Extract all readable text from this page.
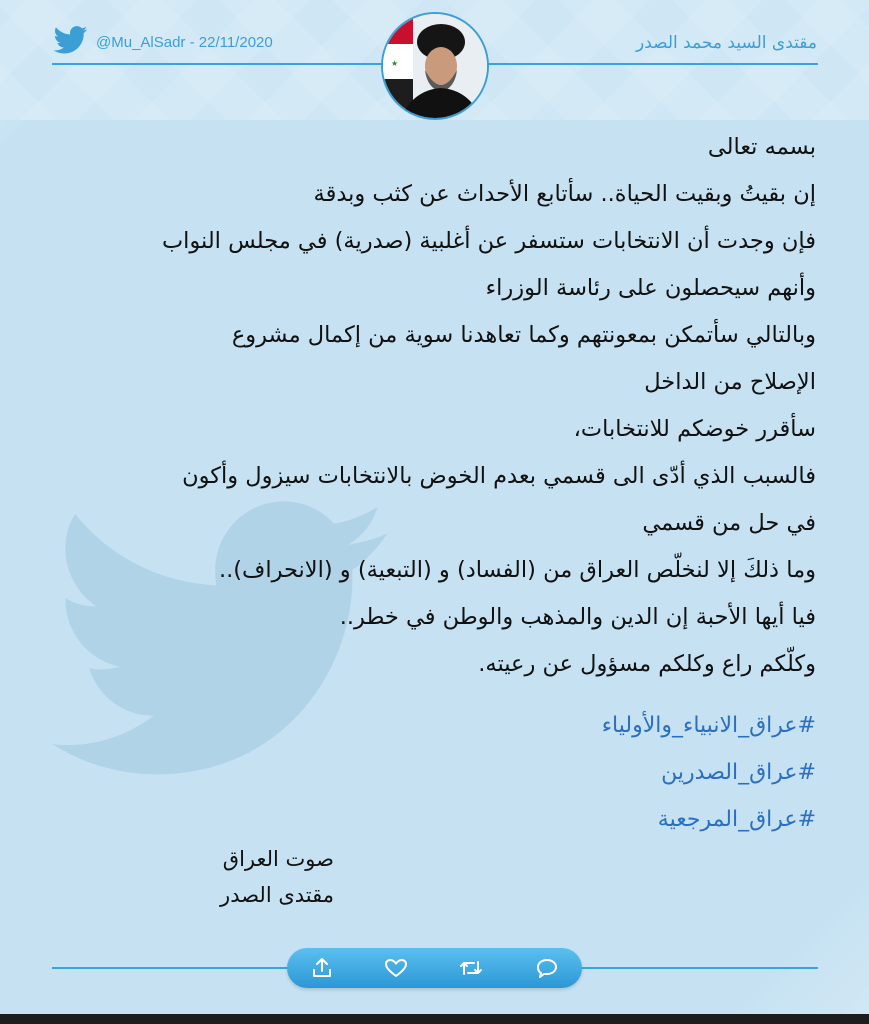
@Mu_AlSadr - 22/11/2020	مقتدى السيد محمد الصدر
★
بسمه تعالى
إن بقيتُ وبقيت الحياة.. سأتابع الأحداث عن كثب وبدقة
فإن وجدت أن الانتخابات ستسفر عن أغلبية (صدرية) في مجلس النواب
وأنهم سيحصلون على رئاسة الوزراء
وبالتالي سأتمكن بمعونتهم وكما تعاهدنا سوية من إكمال مشروع
الإصلاح من الداخل
سأقرر خوضكم للانتخابات،
فالسبب الذي أدّى الى قسمي بعدم الخوض بالانتخابات سيزول وأكون
في حل من قسمي
وما ذلكَ إلا لنخلّص العراق من (الفساد) و (التبعية) و (الانحراف)..
فيا أيها الأحبة إن الدين والمذهب والوطن في خطر..
وكلّكم راع وكلكم مسؤول عن رعيته.
#عراق_الانبياء_والأولياء
#عراق_الصدرين
#عراق_المرجعية
صوت العراق
مقتدى الصدر
